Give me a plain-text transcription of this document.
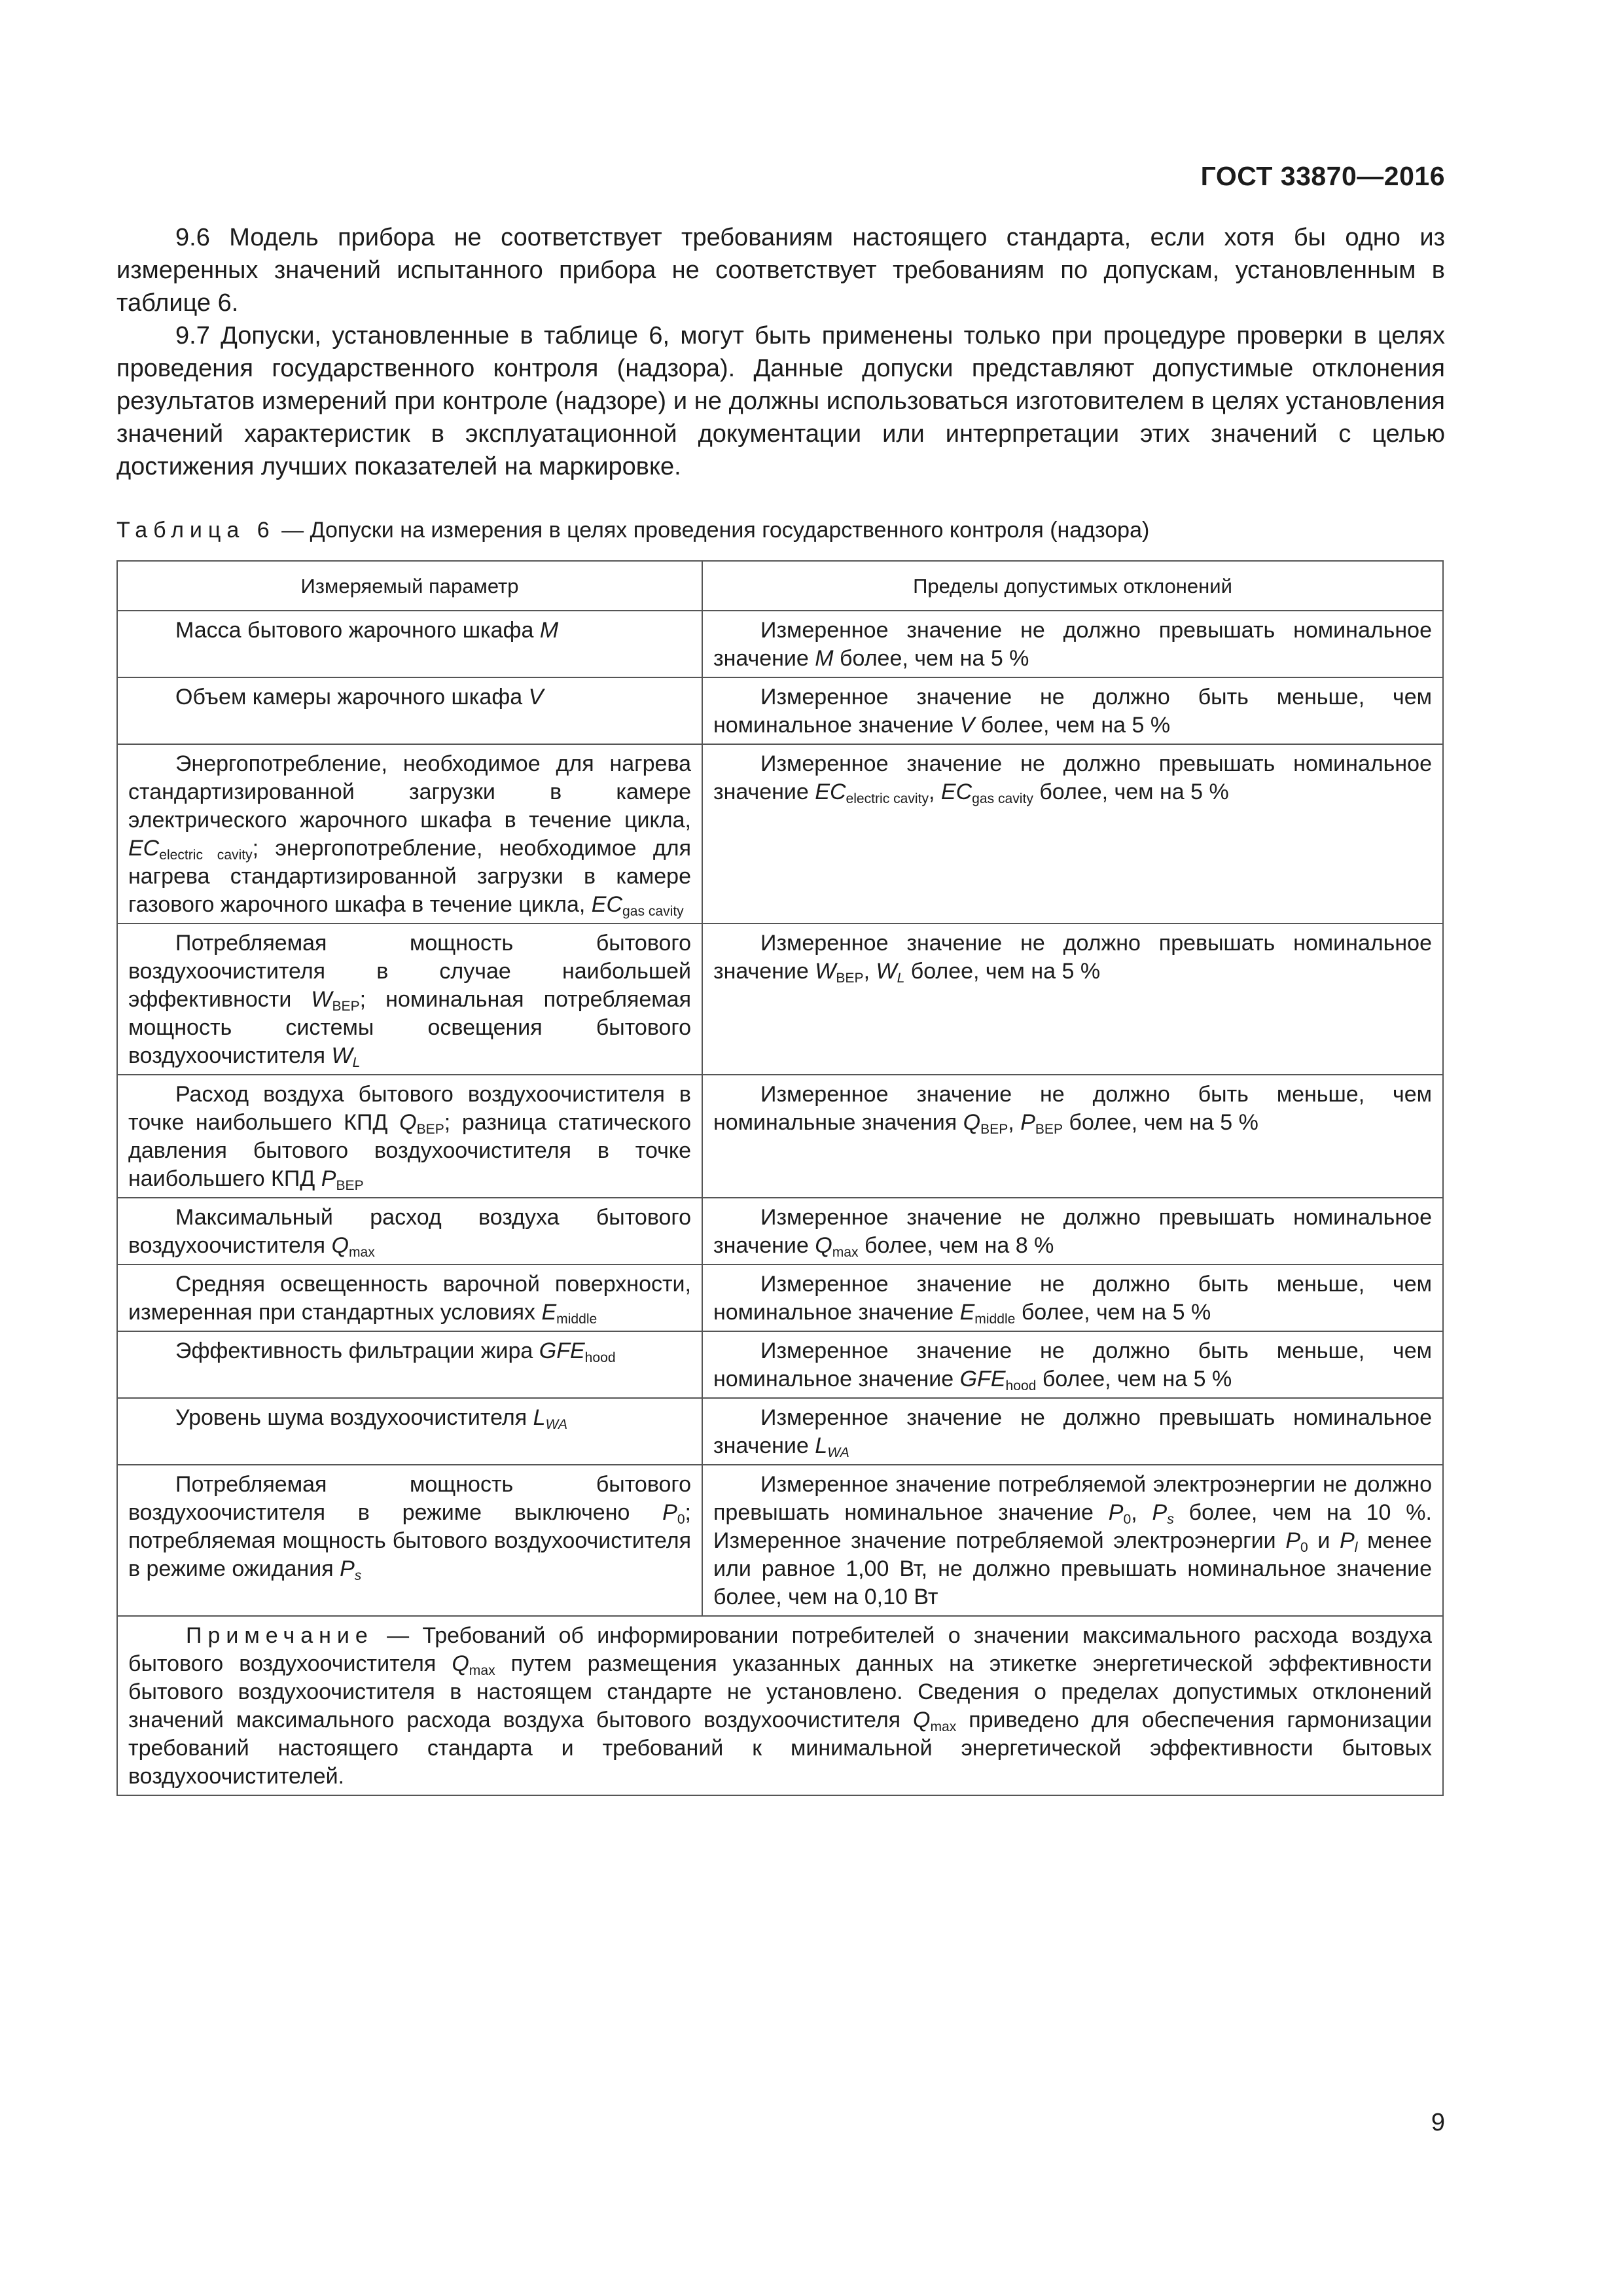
ГОСТ 33870—2016

9.6 Модель прибора не соответствует требованиям настоящего стандарта, если хотя бы одно из измеренных значений испытанного прибора не соответствует требованиям по допускам, установленным в таблице 6.

9.7 Допуски, установленные в таблице 6, могут быть применены только при процедуре проверки в целях проведения государственного контроля (надзора). Данные допуски представляют допустимые отклонения результатов измерений при контроле (надзоре) и не должны использоваться изготовителем в целях установления значений характеристик в эксплуатационной документации или интерпретации этих значений с целью достижения лучших показателей на маркировке.

Таблица 6 — Допуски на измерения в целях проведения государственного контроля (надзора)
Измеряемый параметр	Пределы допустимых отклонений

Масса бытового жарочного шкафа M	Измеренное значение не должно превышать номинальное значение M более, чем на 5 %

Объем камеры жарочного шкафа V	Измеренное значение не должно быть меньше, чем номинальное значение V более, чем на 5 %

Энергопотребление, необходимое для нагрева стандартизированной загрузки в камере электрического жарочного шкафа в течение цикла, $EC_{electric cavity}$; энергопотребление, необходимое для нагрева стандартизированной загрузки в камере газового жарочного шкафа в течение цикла, $EC_{gas cavity}$	Измеренное значение не должно превышать номинальное значение $EC_{electric cavity}$, $EC_{gas cavity}$ более, чем на 5 %

Потребляемая мощность бытового воздухоочистителя в случае наибольшей эффективности $W_{BEP}$; номинальная потребляемая мощность системы освещения бытового воздухоочистителя $W_L$	Измеренное значение не должно превышать номинальное значение $W_{BEP}$, $W_L$ более, чем на 5 %

Расход воздуха бытового воздухоочистителя в точке наибольшего КПД $Q_{BEP}$; разница статического давления бытового воздухоочистителя в точке наибольшего КПД $P_{BEP}$	Измеренное значение не должно быть меньше, чем номинальные значения $Q_{BEP}$, $P_{BEP}$ более, чем на 5 %

Максимальный расход воздуха бытового воздухоочистителя $Q_{max}$	Измеренное значение не должно превышать номинальное значение $Q_{max}$ более, чем на 8 %

Средняя освещенность варочной поверхности, измеренная при стандартных условиях $E_{middle}$	Измеренное значение не должно быть меньше, чем номинальное значение $E_{middle}$ более, чем на 5 %

Эффективность фильтрации жира $GFE_{hood}$	Измеренное значение не должно быть меньше, чем номинальное значение $GFE_{hood}$ более, чем на 5 %

Уровень шума воздухоочистителя $L_{WA}$	Измеренное значение не должно превышать номинальное значение $L_{WA}$

Потребляемая мощность бытового воздухоочистителя в режиме выключено $P_0$; потребляемая мощность бытового воздухоочистителя в режиме ожидания $P_s$	Измеренное значение потребляемой электроэнергии не должно превышать номинальное значение $P_0$, $P_s$ более, чем на 10 %. Измеренное значение потребляемой электроэнергии $P_0$ и $P_l$ менее или равное 1,00 Вт, не должно превышать номинальное значение более, чем на 0,10 Вт

Примечание — Требований об информировании потребителей о значении максимального расхода воздуха бытового воздухоочистителя $Q_{max}$ путем размещения указанных данных на этикетке энергетической эффективности бытового воздухоочистителя в настоящем стандарте не установлено. Сведения о пределах допустимых отклонений значений максимального расхода воздуха бытового воздухоочистителя $Q_{max}$ приведено для обеспечения гармонизации требований настоящего стандарта и требований к минимальной энергетической эффективности бытовых воздухоочистителей.	

9
